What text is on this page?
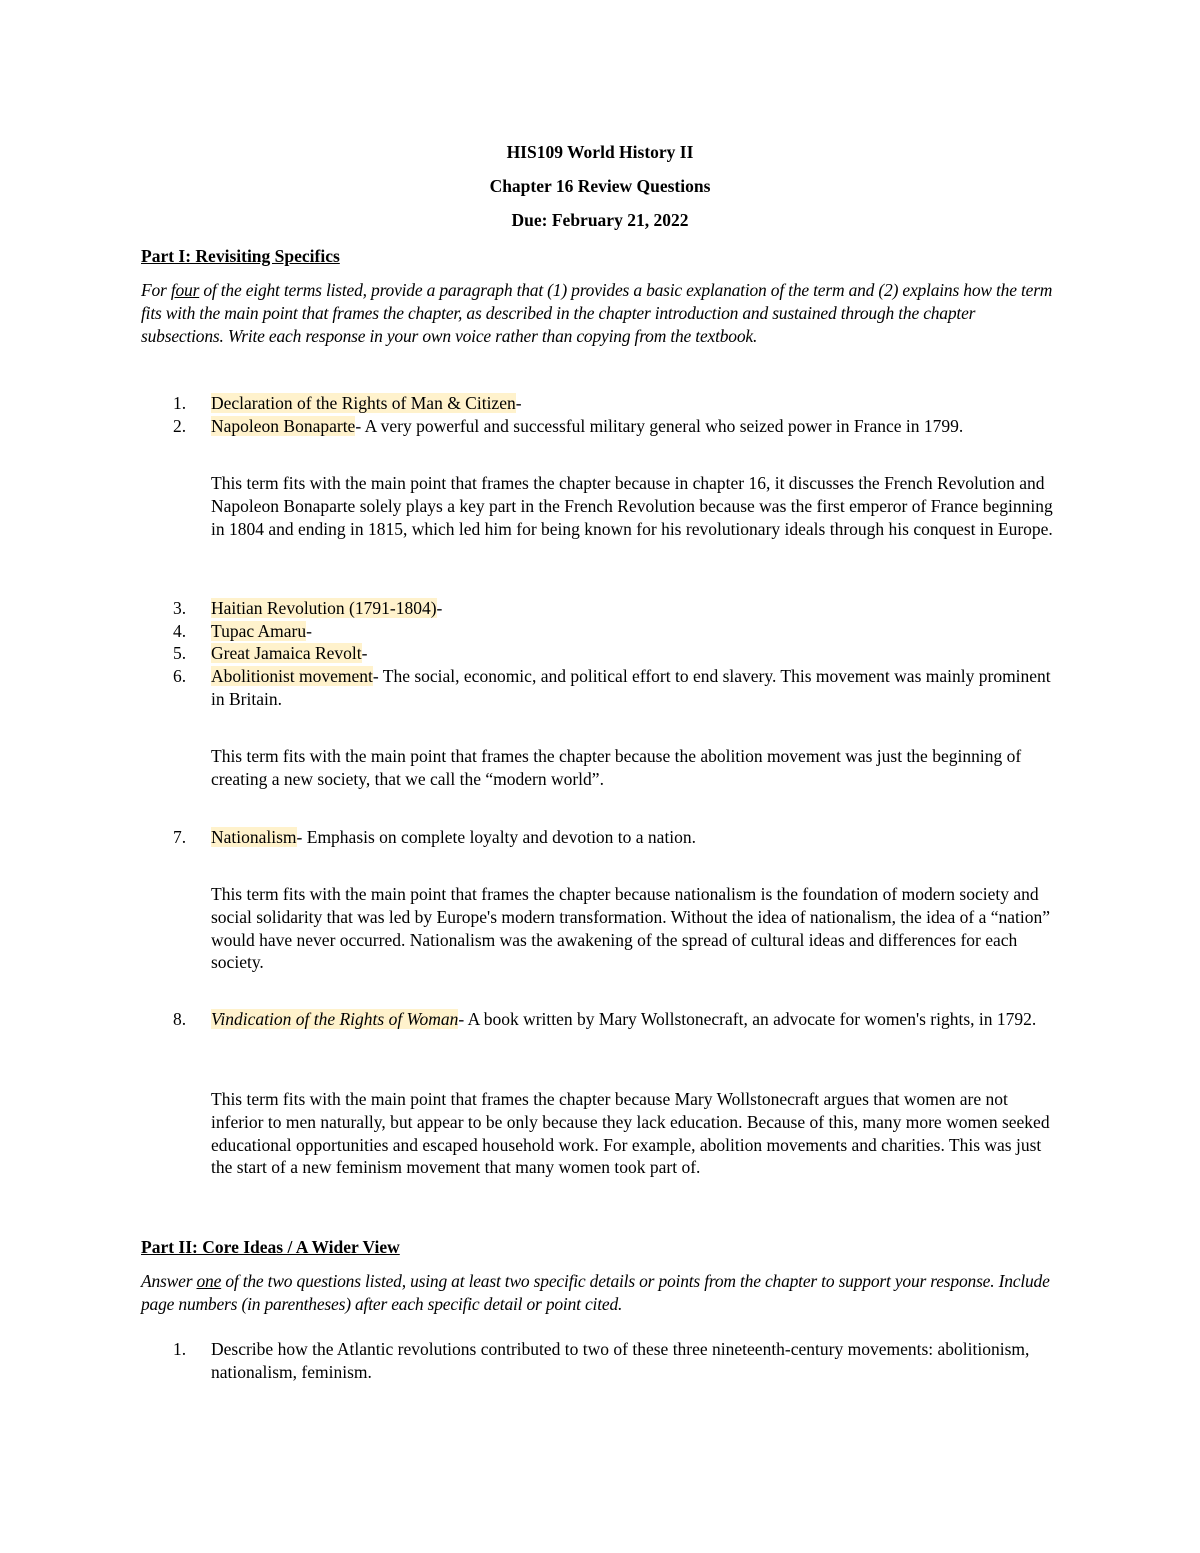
HIS109 World History II
Chapter 16 Review Questions
Due: February 21, 2022
Part I: Revisiting Specifics
For four of the eight terms listed, provide a paragraph that (1) provides a basic explanation of the term and (2) explains how the term fits with the main point that frames the chapter, as described in the chapter introduction and sustained through the chapter subsections. Write each response in your own voice rather than copying from the textbook.
1. Declaration of the Rights of Man & Citizen-
2. Napoleon Bonaparte- A very powerful and successful military general who seized power in France in 1799.
This term fits with the main point that frames the chapter because in chapter 16, it discusses the French Revolution and Napoleon Bonaparte solely plays a key part in the French Revolution because was the first emperor of France beginning in 1804 and ending in 1815, which led him for being known for his revolutionary ideals through his conquest in Europe.
3. Haitian Revolution (1791-1804)-
4. Tupac Amaru-
5. Great Jamaica Revolt-
6. Abolitionist movement- The social, economic, and political effort to end slavery. This movement was mainly prominent in Britain.
This term fits with the main point that frames the chapter because the abolition movement was just the beginning of creating a new society, that we call the “modern world”.
7. Nationalism- Emphasis on complete loyalty and devotion to a nation.
This term fits with the main point that frames the chapter because nationalism is the foundation of modern society and social solidarity that was led by Europe's modern transformation. Without the idea of nationalism, the idea of a “nation” would have never occurred. Nationalism was the awakening of the spread of cultural ideas and differences for each society.
8. Vindication of the Rights of Woman- A book written by Mary Wollstonecraft, an advocate for women's rights, in 1792.
This term fits with the main point that frames the chapter because Mary Wollstonecraft argues that women are not inferior to men naturally, but appear to be only because they lack education. Because of this, many more women seeked educational opportunities and escaped household work. For example, abolition movements and charities. This was just the start of a new feminism movement that many women took part of.
Part II: Core Ideas / A Wider View
Answer one of the two questions listed, using at least two specific details or points from the chapter to support your response. Include page numbers (in parentheses) after each specific detail or point cited.
1. Describe how the Atlantic revolutions contributed to two of these three nineteenth-century movements: abolitionism, nationalism, feminism.
